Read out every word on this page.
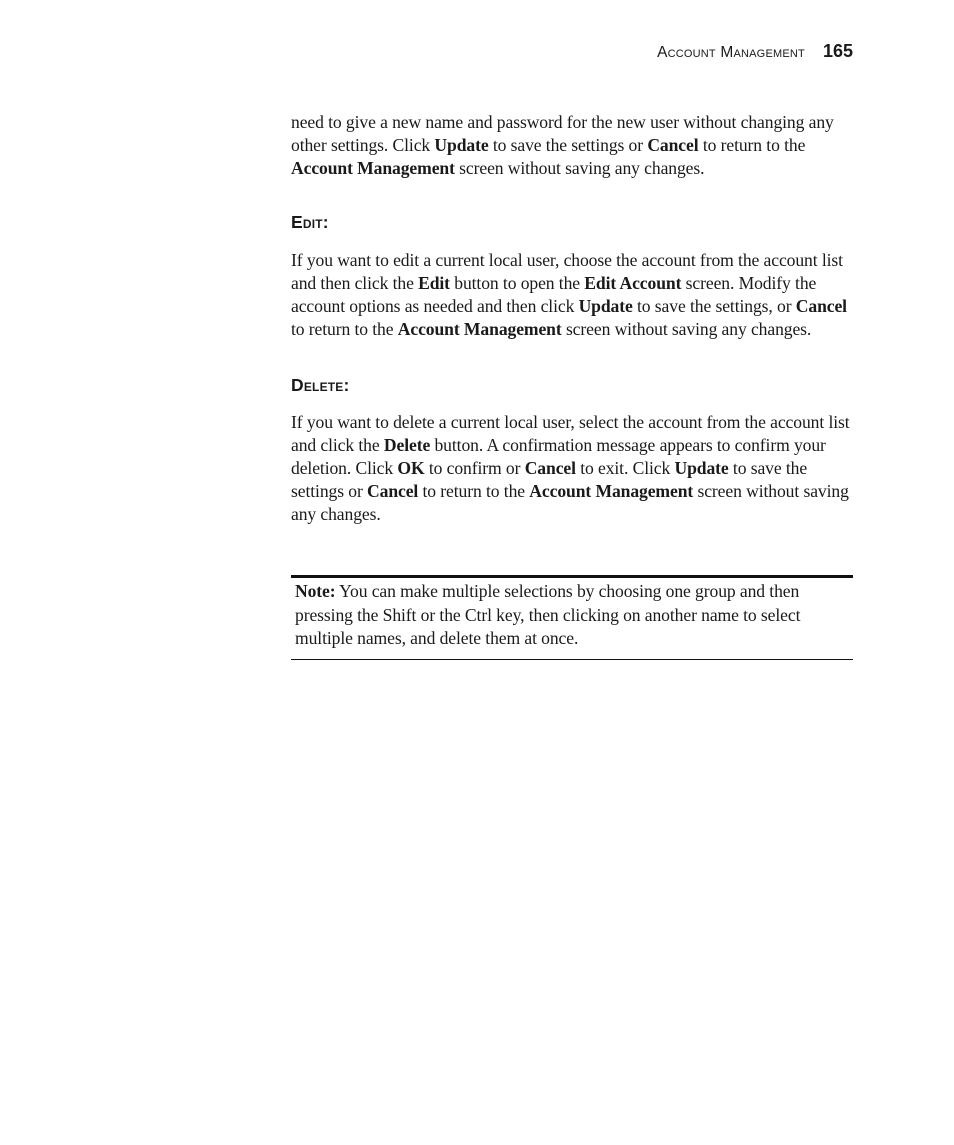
Account Management 165

need to give a new name and password for the new user without changing any other settings. Click Update to save the settings or Cancel to return to the Account Management screen without saving any changes.

Edit:

If you want to edit a current local user, choose the account from the account list and then click the Edit button to open the Edit Account screen. Modify the account options as needed and then click Update to save the settings, or Cancel to return to the Account Management screen without saving any changes.

Delete:

If you want to delete a current local user, select the account from the account list and click the Delete button. A confirmation message appears to confirm your deletion. Click OK to confirm or Cancel to exit. Click Update to save the settings or Cancel to return to the Account Management screen without saving any changes.

Note: You can make multiple selections by choosing one group and then pressing the Shift or the Ctrl key, then clicking on another name to select multiple names, and delete them at once.
